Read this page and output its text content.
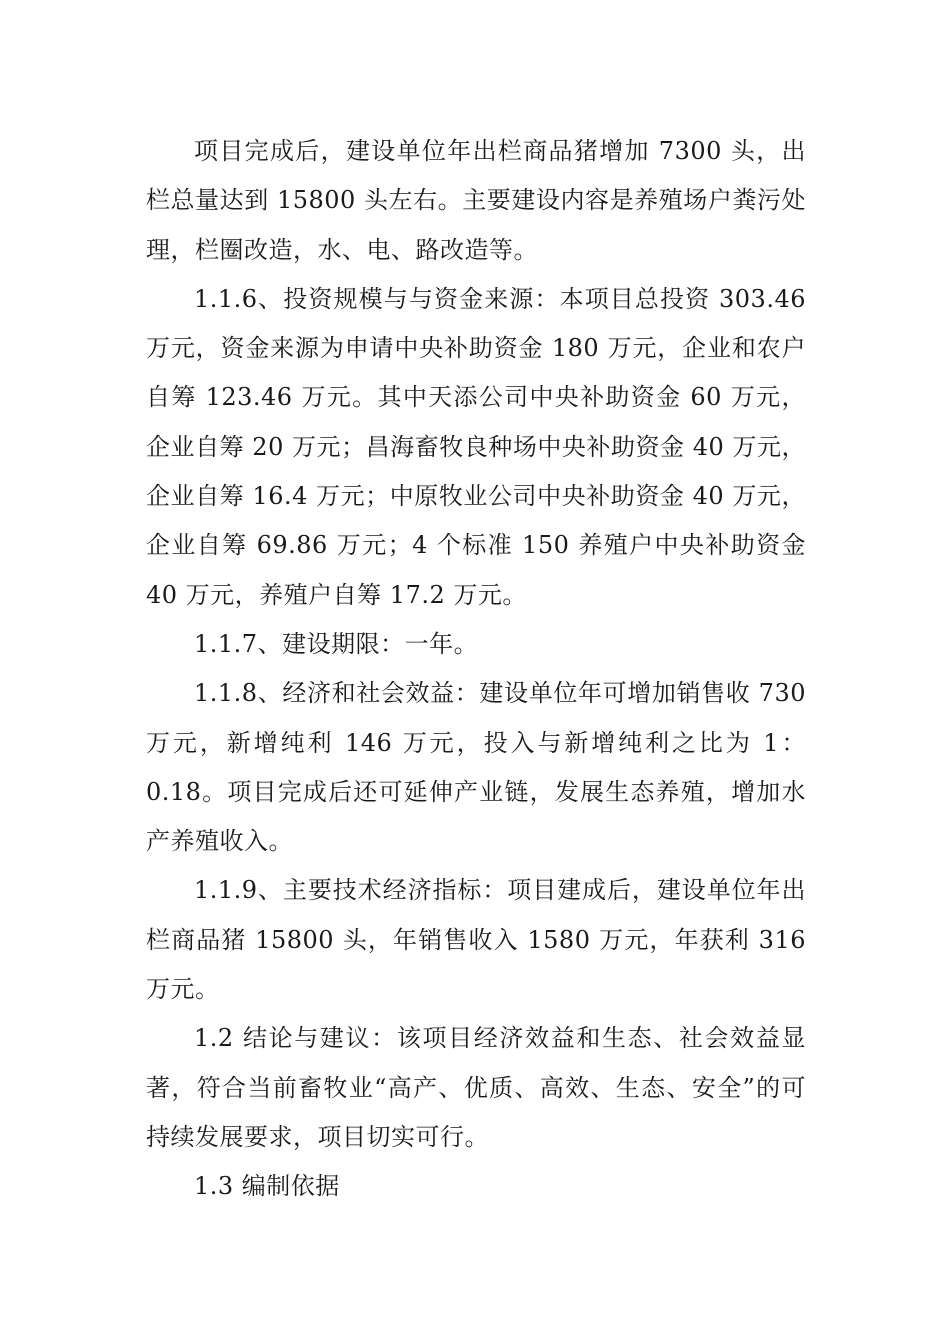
项目完成后，建设单位年出栏商品猪增加 7300 头，出栏总量达到 15800 头左右。主要建设内容是养殖场户粪污处理，栏圈改造，水、电、路改造等。

1.1.6、投资规模与与资金来源：本项目总投资 303.46 万元，资金来源为申请中央补助资金 180 万元，企业和农户自筹 123.46 万元。其中天添公司中央补助资金 60 万元，企业自筹 20 万元；昌海畜牧良种场中央补助资金 40 万元，企业自筹 16.4 万元；中原牧业公司中央补助资金 40 万元，企业自筹 69.86 万元；4 个标准 150 养殖户中央补助资金 40 万元，养殖户自筹 17.2 万元。

1.1.7、建设期限：一年。

1.1.8、经济和社会效益：建设单位年可增加销售收 730 万元，新增纯利 146 万元，投入与新增纯利之比为 1：0.18。项目完成后还可延伸产业链，发展生态养殖，增加水产养殖收入。

1.1.9、主要技术经济指标：项目建成后，建设单位年出栏商品猪 15800 头，年销售收入 1580 万元，年获利 316 万元。

1.2 结论与建议：该项目经济效益和生态、社会效益显著，符合当前畜牧业“高产、优质、高效、生态、安全”的可持续发展要求，项目切实可行。

1.3 编制依据
